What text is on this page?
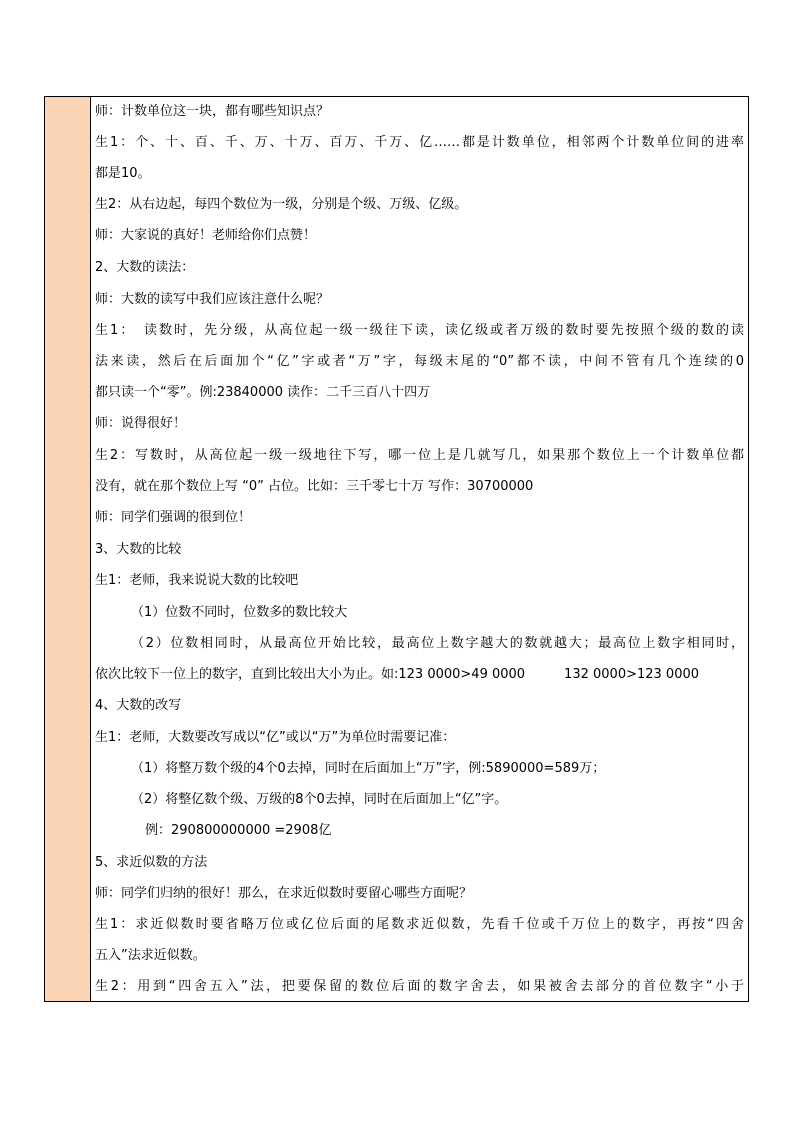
师：计数单位这一块，都有哪些知识点？
生1：个、十、百、千、万、十万、百万、千万、亿……都是计数单位，相邻两个计数单位间的进率
都是10。
生2：从右边起，每四个数位为一级，分别是个级、万级、亿级。
师：大家说的真好！老师给你们点赞！
2、大数的读法：
师：大数的读写中我们应该注意什么呢？
生1：　读数时，先分级，从高位起一级一级往下读，读亿级或者万级的数时要先按照个级的数的读
法来读，然后在后面加个“亿”字或者“万”字，每级末尾的“0”都不读，中间不管有几个连续的0
都只读一个“零”。例:23840000 读作：二千三百八十四万
师：说得很好！
生2：写数时，从高位起一级一级地往下写，哪一位上是几就写几，如果那个数位上一个计数单位都
没有，就在那个数位上写 “0” 占位。比如：三千零七十万 写作：30700000
师：同学们强调的很到位！
3、大数的比较
生1：老师，我来说说大数的比较吧
（1）位数不同时，位数多的数比较大
（2）位数相同时，从最高位开始比较，最高位上数字越大的数就越大；最高位上数字相同时，
依次比较下一位上的数字，直到比较出大小为止。如:123 0000>49 0000　　　132 0000>123 0000
4、大数的改写
生1：老师，大数要改写成以“亿”或以“万”为单位时需要记准：
（1）将整万数个级的4个0去掉，同时在后面加上“万”字，例:5890000=589万；
（2）将整亿数个级、万级的8个0去掉，同时在后面加上“亿”字。
例：290800000000 =2908亿
5、求近似数的方法
师：同学们归纳的很好！那么，在求近似数时要留心哪些方面呢？
生1：求近似数时要省略万位或亿位后面的尾数求近似数，先看千位或千万位上的数字，再按“四舍
五入”法求近似数。
生2：用到“四舍五入”法，把要保留的数位后面的数字舍去，如果被舍去部分的首位数字“小于
